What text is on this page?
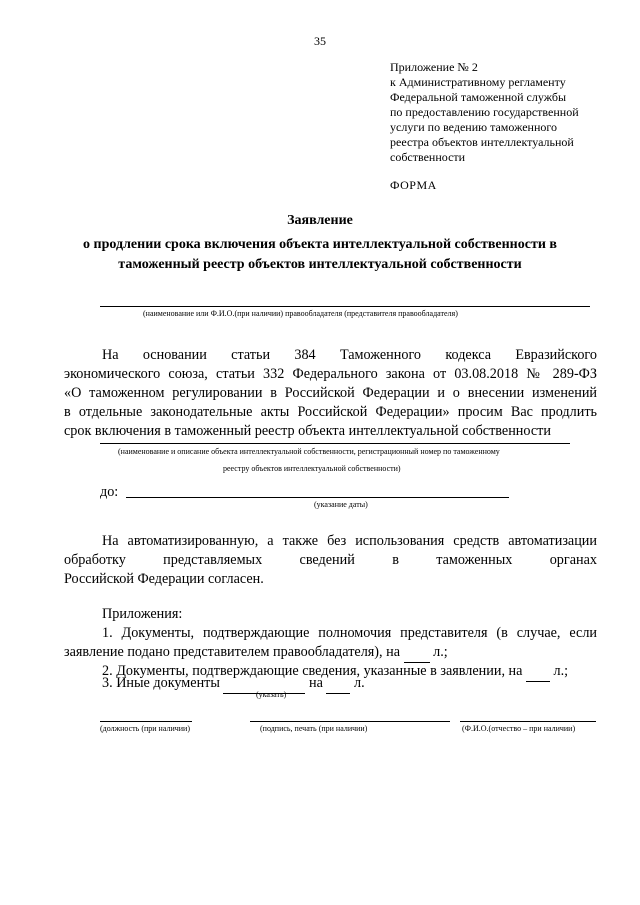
35
Приложение № 2
к Административному регламенту
Федеральной таможенной службы
по предоставлению государственной
услуги по ведению таможенного
реестра объектов интеллектуальной
собственности
ФОРМА
Заявление
о продлении срока включения объекта интеллектуальной собственности в
таможенный реестр объектов интеллектуальной собственности
(наименование или Ф.И.О.(при наличии) правообладателя (представителя правообладателя)
На основании статьи 384 Таможенного кодекса Евразийского
экономического союза, статьи 332 Федерального закона от 03.08.2018 № 289-ФЗ
«О таможенном регулировании в Российской Федерации и о внесении изменений
в отдельные законодательные акты Российской Федерации» просим Вас продлить
срок включения в таможенный реестр объекта интеллектуальной собственности
(наименование и описание объекта интеллектуальной собственности, регистрационный номер по таможенному
реестру объектов интеллектуальной собственности)
до:
(указание даты)
На автоматизированную, а также без использования средств автоматизации
обработку представляемых сведений в таможенных органах
Российской Федерации согласен.
Приложения:
1. Документы, подтверждающие полномочия представителя (в случае, если
заявление подано представителем правообладателя), на л.;
2. Документы, подтверждающие сведения, указанные в заявлении, на л.;
3. Иные документы	на л.
(указать)
(должность (при наличии)	(подпись, печать (при наличии)	(Ф.И.О.(отчество – при наличии)
